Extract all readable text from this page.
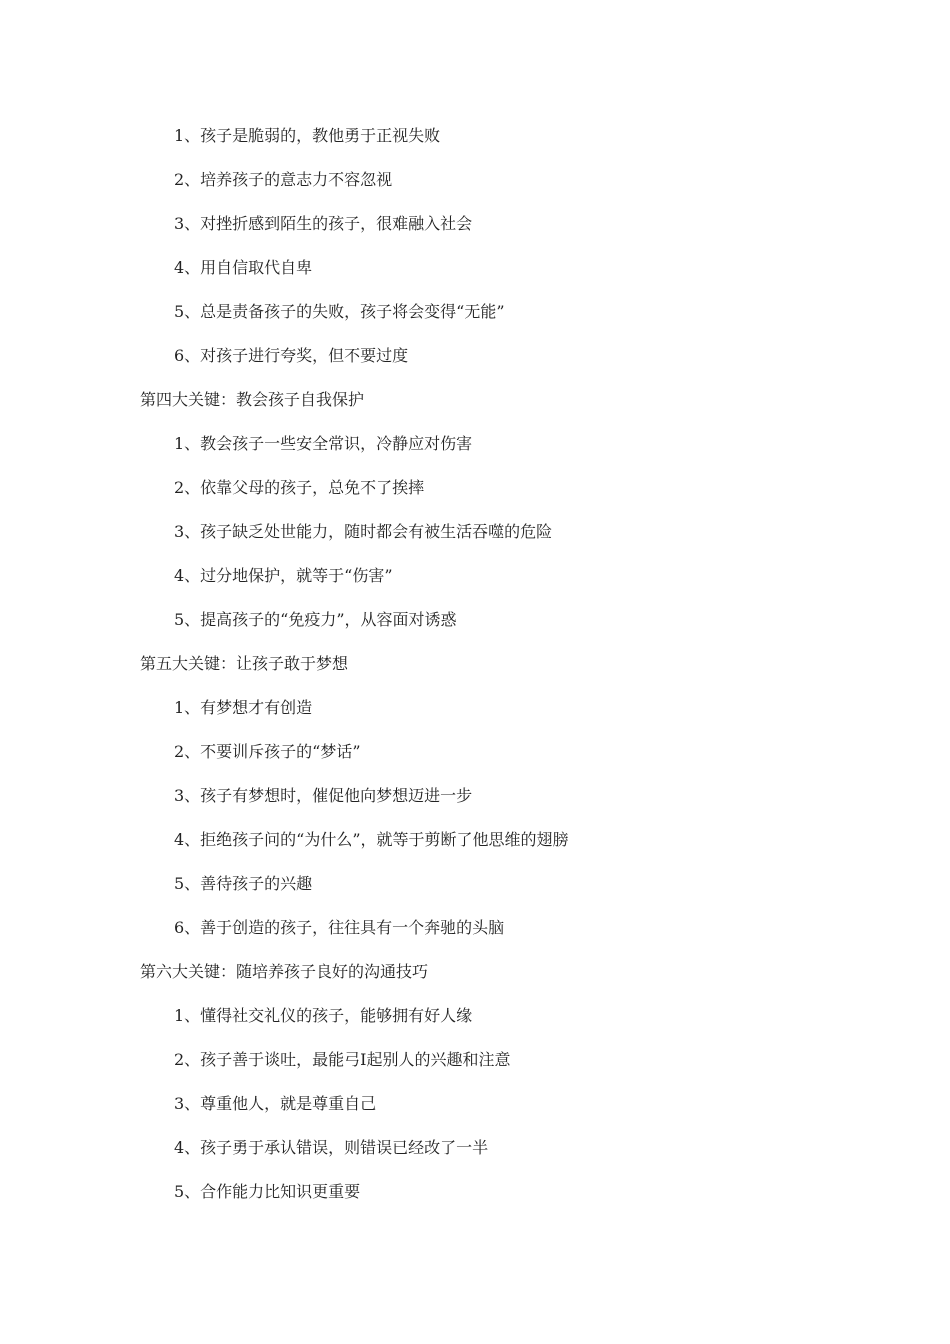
1、孩子是脆弱的，教他勇于正视失败
2、培养孩子的意志力不容忽视
3、对挫折感到陌生的孩子，很难融入社会
4、用自信取代自卑
5、总是责备孩子的失败，孩子将会变得“无能”
6、对孩子进行夸奖，但不要过度
第四大关键：教会孩子自我保护
1、教会孩子一些安全常识，冷静应对伤害
2、依靠父母的孩子，总免不了挨摔
3、孩子缺乏处世能力，随时都会有被生活吞噬的危险
4、过分地保护，就等于“伤害”
5、提高孩子的“免疫力”，从容面对诱惑
第五大关键：让孩子敢于梦想
1、有梦想才有创造
2、不要训斥孩子的“梦话”
3、孩子有梦想时，催促他向梦想迈进一步
4、拒绝孩子问的“为什么”，就等于剪断了他思维的翅膀
5、善待孩子的兴趣
6、善于创造的孩子，往往具有一个奔驰的头脑
第六大关键：随培养孩子良好的沟通技巧
1、懂得社交礼仪的孩子，能够拥有好人缘
2、孩子善于谈吐，最能弓I起别人的兴趣和注意
3、尊重他人，就是尊重自己
4、孩子勇于承认错误，则错误已经改了一半
5、合作能力比知识更重要
